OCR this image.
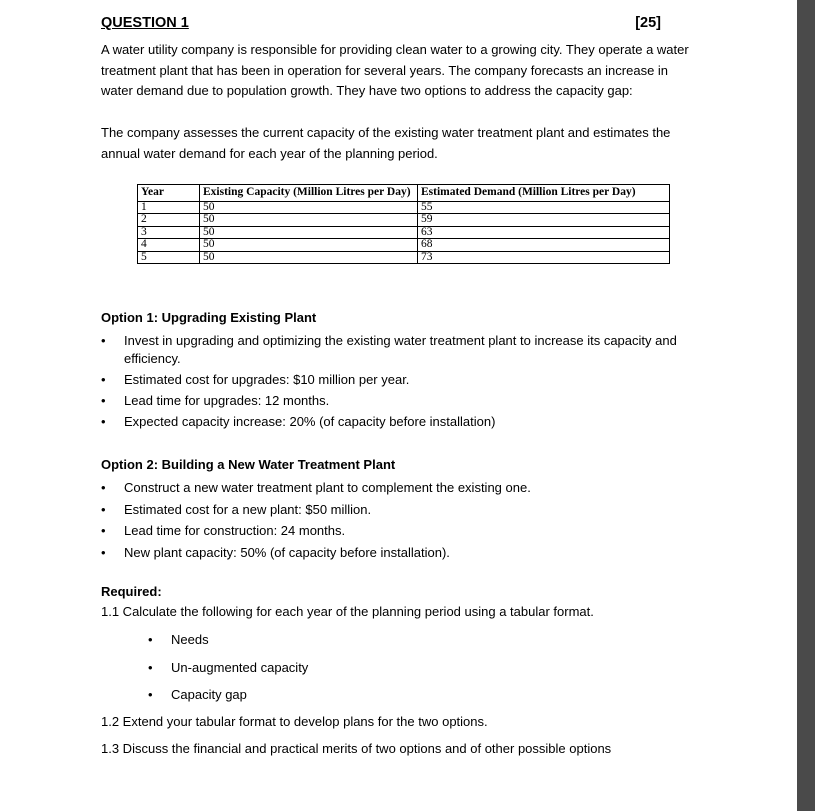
QUESTION 1	[25]
A water utility company is responsible for providing clean water to a growing city. They operate a water treatment plant that has been in operation for several years. The company forecasts an increase in water demand due to population growth. They have two options to address the capacity gap:
The company assesses the current capacity of the existing water treatment plant and estimates the annual water demand for each year of the planning period.
Year	Existing Capacity (Million Litres per Day)	Estimated Demand (Million Litres per Day)
1	50	55
2	50	59
3	50	63
4	50	68
5	50	73
Option 1: Upgrading Existing Plant
• Invest in upgrading and optimizing the existing water treatment plant to increase its capacity and efficiency.
• Estimated cost for upgrades: $10 million per year.
• Lead time for upgrades: 12 months.
• Expected capacity increase: 20% (of capacity before installation)
Option 2: Building a New Water Treatment Plant
• Construct a new water treatment plant to complement the existing one.
• Estimated cost for a new plant: $50 million.
• Lead time for construction: 24 months.
• New plant capacity: 50% (of capacity before installation).
Required:
1.1 Calculate the following for each year of the planning period using a tabular format.
• Needs
• Un-augmented capacity
• Capacity gap
1.2 Extend your tabular format to develop plans for the two options.
1.3 Discuss the financial and practical merits of two options and of other possible options
